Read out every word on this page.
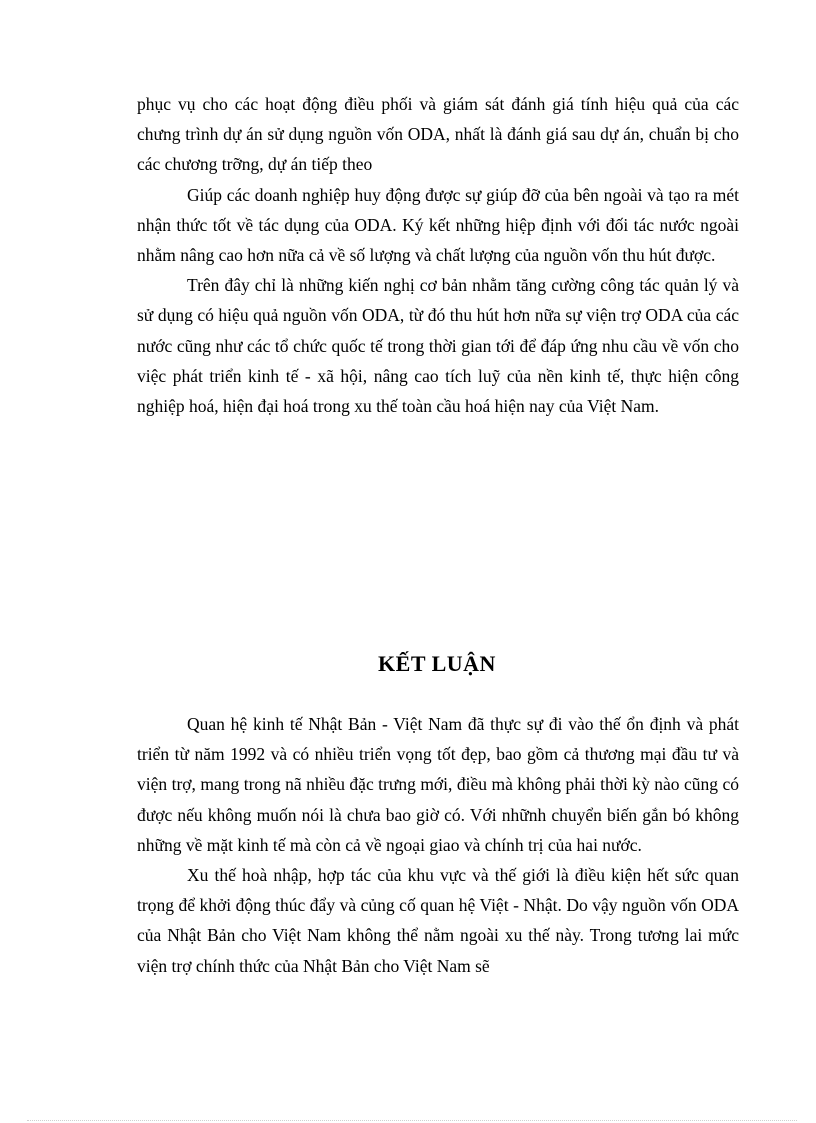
phục vụ cho các hoạt động điều phối và giám sát đánh giá tính hiệu quả của các chưng trình dự án sử dụng nguồn vốn ODA, nhất là đánh giá sau dự án, chuẩn bị cho các chương trỡng, dự án tiếp theo

Giúp các doanh nghiệp huy động được sự giúp đỡ của bên ngoài và tạo ra mét nhận thức tốt về tác dụng của ODA. Ký kết những hiệp định với đối tác nước ngoài nhằm nâng cao hơn nữa cả về số lượng và chất lượng của nguồn vốn thu hút được.

Trên đây chỉ là những kiến nghị cơ bản nhằm tăng cường công tác quản lý và sử dụng có hiệu quả nguồn vốn ODA, từ đó thu hút hơn nữa sự viện trợ ODA của các nước cũng như các tổ chức quốc tế trong thời gian tới để đáp ứng nhu cầu về vốn cho việc phát triển kinh tế - xã hội, nâng cao tích luỹ của nền kinh tế, thực hiện công nghiệp hoá, hiện đại hoá trong xu thế toàn cầu hoá hiện nay của Việt Nam.

KẾT LUẬN

Quan hệ kinh tế Nhật Bản - Việt Nam đã thực sự đi vào thế ổn định và phát triển từ năm 1992 và có nhiều triển vọng tốt đẹp, bao gồm cả thương mại đầu tư và viện trợ, mang trong nã nhiều đặc trưng mới, điều mà không phải thời kỳ nào cũng có được nếu không muốn nói là chưa bao giờ có. Với nhữnh chuyển biến gắn bó không những về mặt kinh tế mà còn cả về ngoại giao và chính trị của hai nước.

Xu thế hoà nhập, hợp tác của khu vực và thế giới là điều kiện hết sức quan trọng để khởi động thúc đẩy và củng cố quan hệ Việt - Nhật. Do vậy nguồn vốn ODA của Nhật Bản cho Việt Nam không thể nằm ngoài xu thế này. Trong tương lai mức viện trợ chính thức của Nhật Bản cho Việt Nam sẽ
